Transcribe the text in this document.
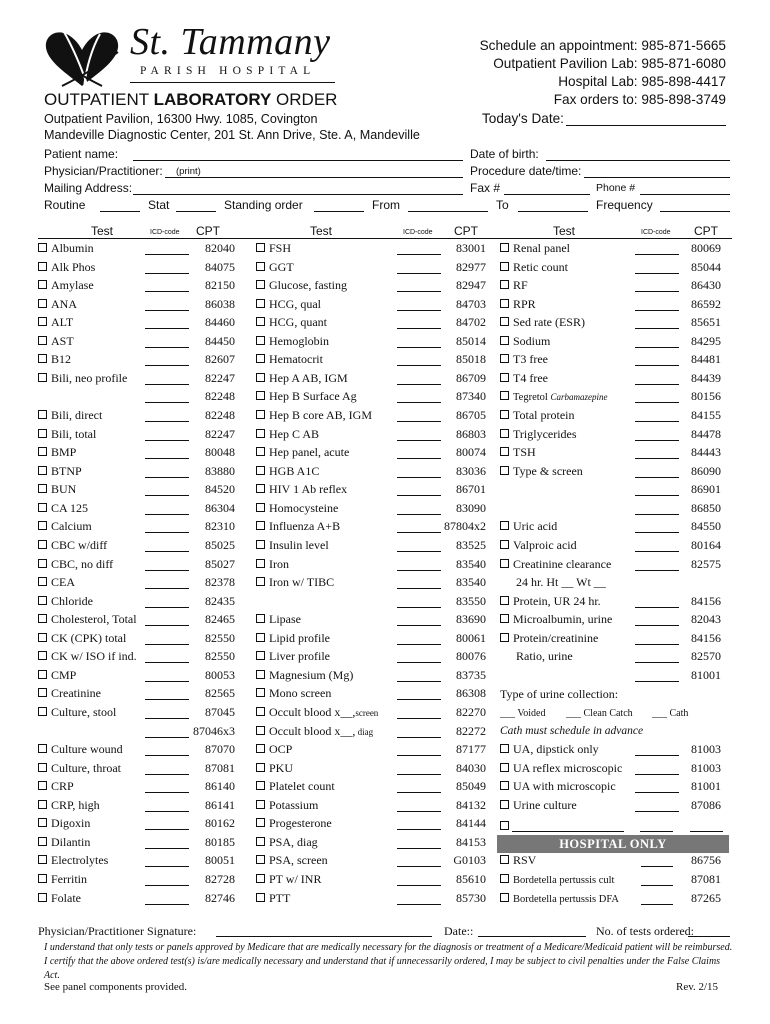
St. Tammany
PARISH HOSPITAL
OUTPATIENT LABORATORY ORDER
Outpatient Pavilion, 16300 Hwy. 1085, Covington
Mandeville Diagnostic Center, 201 St. Ann Drive, Ste. A, Mandeville
Schedule an appointment: 985-871-5665
Outpatient Pavilion Lab: 985-871-6080
Hospital Lab: 985-898-4417
Fax orders to: 985-898-3749
Today's Date:
Patient name:	Date of birth:
Physician/Practitioner: (print)	Procedure date/time:
Mailing Address:	Fax #	Phone #
Routine	Stat	Standing order	From	To	Frequency
Test	ICD-code CPT	Test	ICD-code CPT	Test	ICD-code CPT
Albumin	82040
Alk Phos	84075
Amylase	82150
ANA	86038
ALT	84460
AST	84450
B12	82607
Bili, neo profile	82247
82248
Bili, direct	82248
Bili, total	82247
BMP	80048
BTNP	83880
BUN	84520
CA 125	86304
Calcium	82310
CBC w/diff	85025
CBC, no diff	85027
CEA	82378
Chloride	82435
Cholesterol, Total	82465
CK (CPK) total	82550
CK w/ ISO if ind.	82550
CMP	80053
Creatinine	82565
Culture, stool	87045
87046x3
Culture wound	87070
Culture, throat	87081
CRP	86140
CRP, high	86141
Digoxin	80162
Dilantin	80185
Electrolytes	80051
Ferritin	82728
Folate	82746
FSH	83001
GGT	82977
Glucose, fasting	82947
HCG, qual	84703
HCG, quant	84702
Hemoglobin	85014
Hematocrit	85018
Hep A AB, IGM	86709
Hep B Surface Ag	87340
Hep B core AB, IGM	86705
Hep C AB	86803
Hep panel, acute	80074
HGB A1C	83036
HIV 1 Ab reflex	86701
Homocysteine	83090
Influenza A+B	87804x2
Insulin level	83525
Iron	83540
Iron w/ TIBC	83540
83550
Lipase	83690
Lipid profile	80061
Liver profile	80076
Magnesium (Mg)	83735
Mono screen	86308
Occult blood x__,screen	82270
Occult blood x__, diag	82272
OCP	87177
PKU	84030
Platelet count	85049
Potassium	84132
Progesterone	84144
PSA, diag	84153
PSA, screen	G0103
PT w/ INR	85610
PTT	85730
Renal panel	80069
Retic count	85044
RF	86430
RPR	86592
Sed rate (ESR)	85651
Sodium	84295
T3 free	84481
T4 free	84439
Tegretol Carbamazepine	80156
Total protein	84155
Triglycerides	84478
TSH	84443
Type & screen	86090
86901
86850
Uric acid	84550
Valproic acid	80164
Creatinine clearance	82575
24 hr. Ht __ Wt __
Protein, UR 24 hr.	84156
Microalbumin, urine	82043
Protein/creatinine	84156
Ratio, urine	82570
81001
UA, dipstick only	81003
UA reflex microscopic	81003
UA with microscopic	81001
Urine culture	87086
RSV	86756
Bordetella pertussis cult	87081
Bordetella pertussis DFA	87265
Type of urine collection:
___ Voided ___ Clean Catch ___ Cath
Cath must schedule in advance
HOSPITAL ONLY
Physician/Practitioner Signature:	Date::	No. of tests ordered:
I understand that only tests or panels approved by Medicare that are medically necessary for the diagnosis or treatment of a Medicare/Medicaid patient will be reimbursed. I certify that the above ordered test(s) is/are medically necessary and understand that if unnecessarily ordered, I may be subject to civil penalties under the False Claims Act.
See panel components provided.	Rev. 2/15
